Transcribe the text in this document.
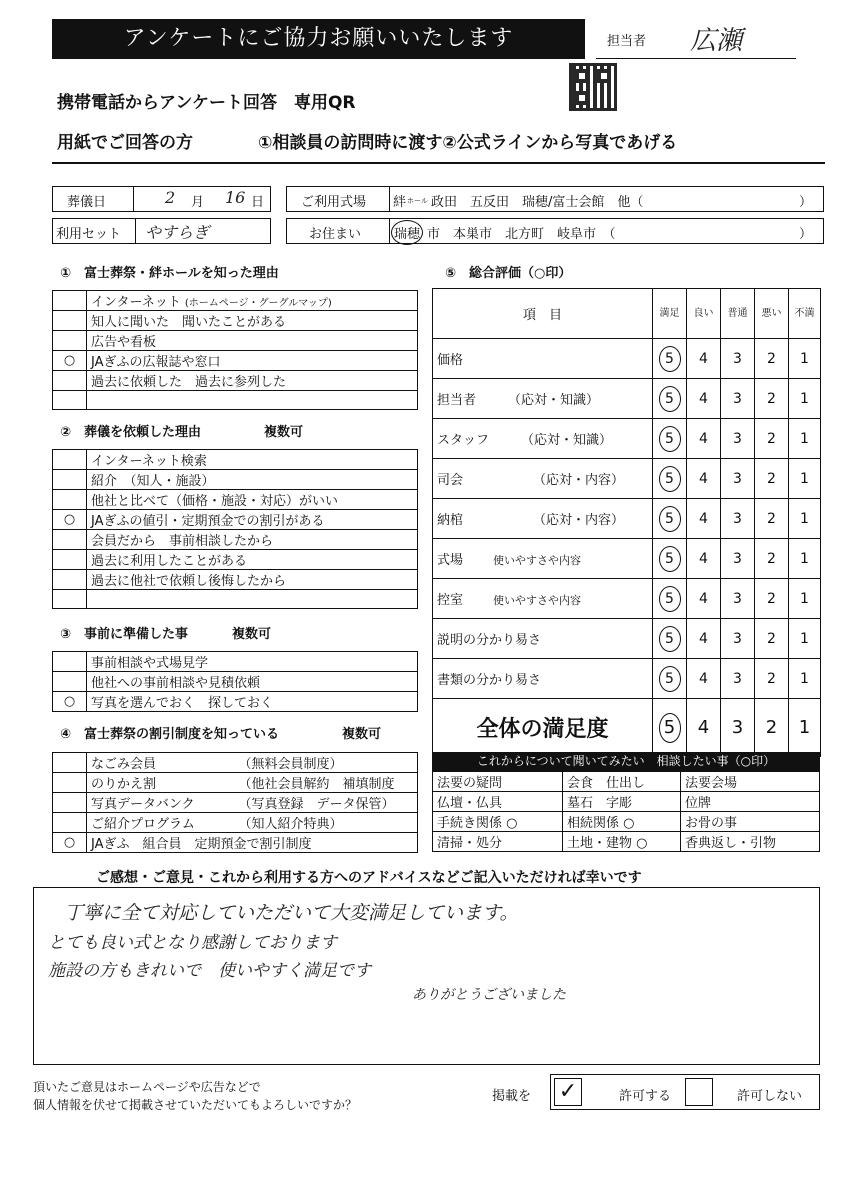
アンケートにご協力お願いいたします	担当者 広瀬
携帯電話からアンケート回答　専用QR
用紙でご回答の方	①相談員の訪問時に渡す②公式ラインから写真であげる
葬儀日	2 月 16 日	ご利用式場 絆 ホール 政田　五反田　瑞穂/富士会館　他（	）
利用セット やすらぎ	お住まい	瑞穂 市　本巣市　北方町　岐阜市　（	）
①　富士葬祭・絆ホールを知った理由
	インターネット (ホームページ・グーグルマップ)
	知人に聞いた　聞いたことがある
	広告や看板
○	JAぎふの広報誌や窓口
	過去に依頼した　過去に参列した

②　葬儀を依頼した理由	複数可
	インターネット検索
	紹介　（知人・施設）
	他社と比べて（価格・施設・対応）がいい
○	JAぎふの値引・定期預金での割引がある
	会員だから　事前相談したから
	過去に利用したことがある
	過去に他社で依頼し後悔したから

③　事前に準備した事	複数可
	事前相談や式場見学
	他社への事前相談や見積依頼
○	写真を選んでおく　探しておく
④　富士葬祭の割引制度を知っている	複数可
	なごみ会員	（無料会員制度）
	のりかえ割	（他社会員解約　補填制度
	写真データバンク	（写真登録　データ保管）
	ご紹介プログラム	（知人紹介特典）
○	JAぎふ　組合員　定期預金で割引制度	
⑤　総合評価（○印）
項　目	満足	良い	普通	悪い	不満
価格	5	4	3	2	1
担当者 （応対・知識）	5	4	3	2	1
スタッフ （応対・知識）	5	4	3	2	1
司会 （応対・内容）	5	4	3	2	1
納棺 （応対・内容）	5	4	3	2	1
式場 使いやすさや内容	5	4	3	2	1
控室 使いやすさや内容	5	4	3	2	1
説明の分かり易さ	5	4	3	2	1
書類の分かり易さ	5	4	3	2	1
全体の満足度	5	4	3	2	1
これからについて聞いてみたい　相談したい事（○印）
法要の疑問	会食　仕出し	法要会場
仏壇・仏具	墓石　字彫	位牌
手続き関係 ○	相続関係 ○	お骨の事
清掃・処分	土地・建物 ○	香典返し・引物
ご感想・ご意見・これから利用する方へのアドバイスなどご記入いただければ幸いです
丁寧に全て対応していただいて大変満足しています。
とても良い式となり感謝しております
施設の方もきれいで　使いやすく満足です
ありがとうございました
頂いたご意見はホームページや広告などで
個人情報を伏せて掲載させていただいてもよろしいですか？
掲載を ✓	許可する	許可しない
